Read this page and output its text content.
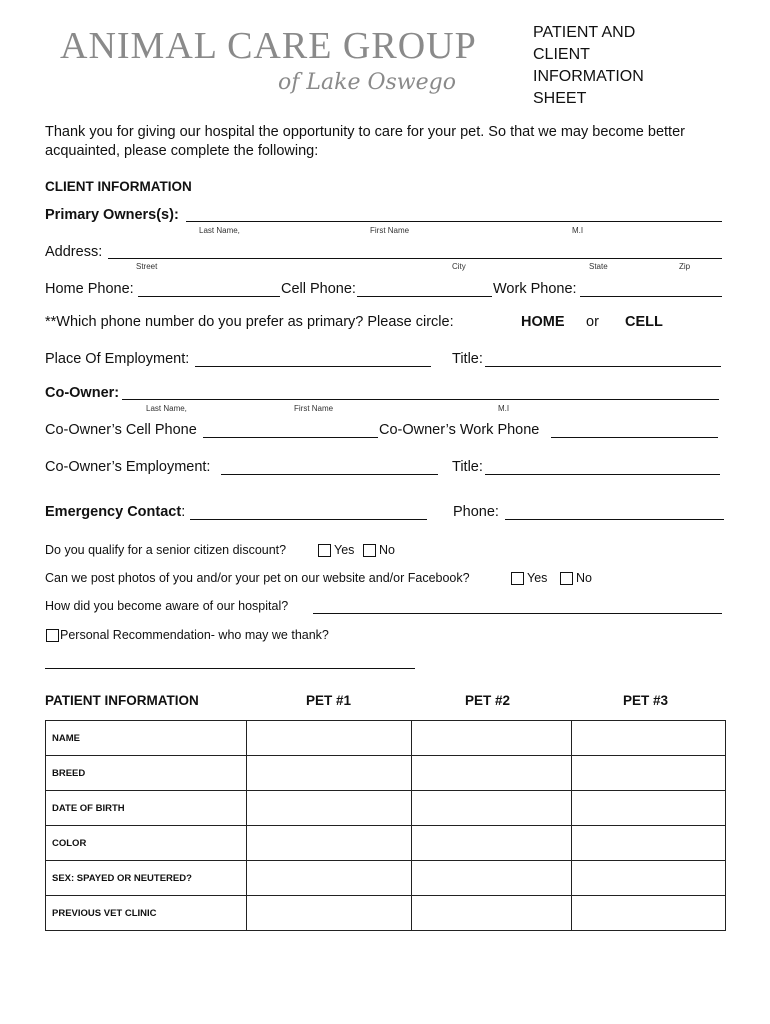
ANIMAL CARE GROUP
of Lake Oswego
PATIENT AND
CLIENT
INFORMATION
SHEET
Thank you for giving our hospital the opportunity to care for your pet. So that we may become better acquainted, please complete the following:
CLIENT INFORMATION
Primary Owners(s):
Last Name,	First Name	M.I
Address:
Street	City	State	Zip
Home Phone:	Cell Phone:	Work Phone:
**Which phone number do you prefer as primary? Please circle:	HOME or CELL
Place Of Employment:	Title:
Co-Owner:
Last Name,	First Name	M.I
Co-Owner’s Cell Phone	Co-Owner’s Work Phone
Co-Owner’s Employment:	Title:
Emergency Contact:	Phone:
Do you qualify for a senior citizen discount?	Yes No
Can we post photos of you and/or your pet on our website and/or Facebook?	Yes No
How did you become aware of our hospital?
Personal Recommendation- who may we thank?
PATIENT INFORMATION	PET #1	PET #2	PET #3
NAME			
BREED			
DATE OF BIRTH			
COLOR			
SEX: SPAYED OR NEUTERED?			
PREVIOUS VET CLINIC			
